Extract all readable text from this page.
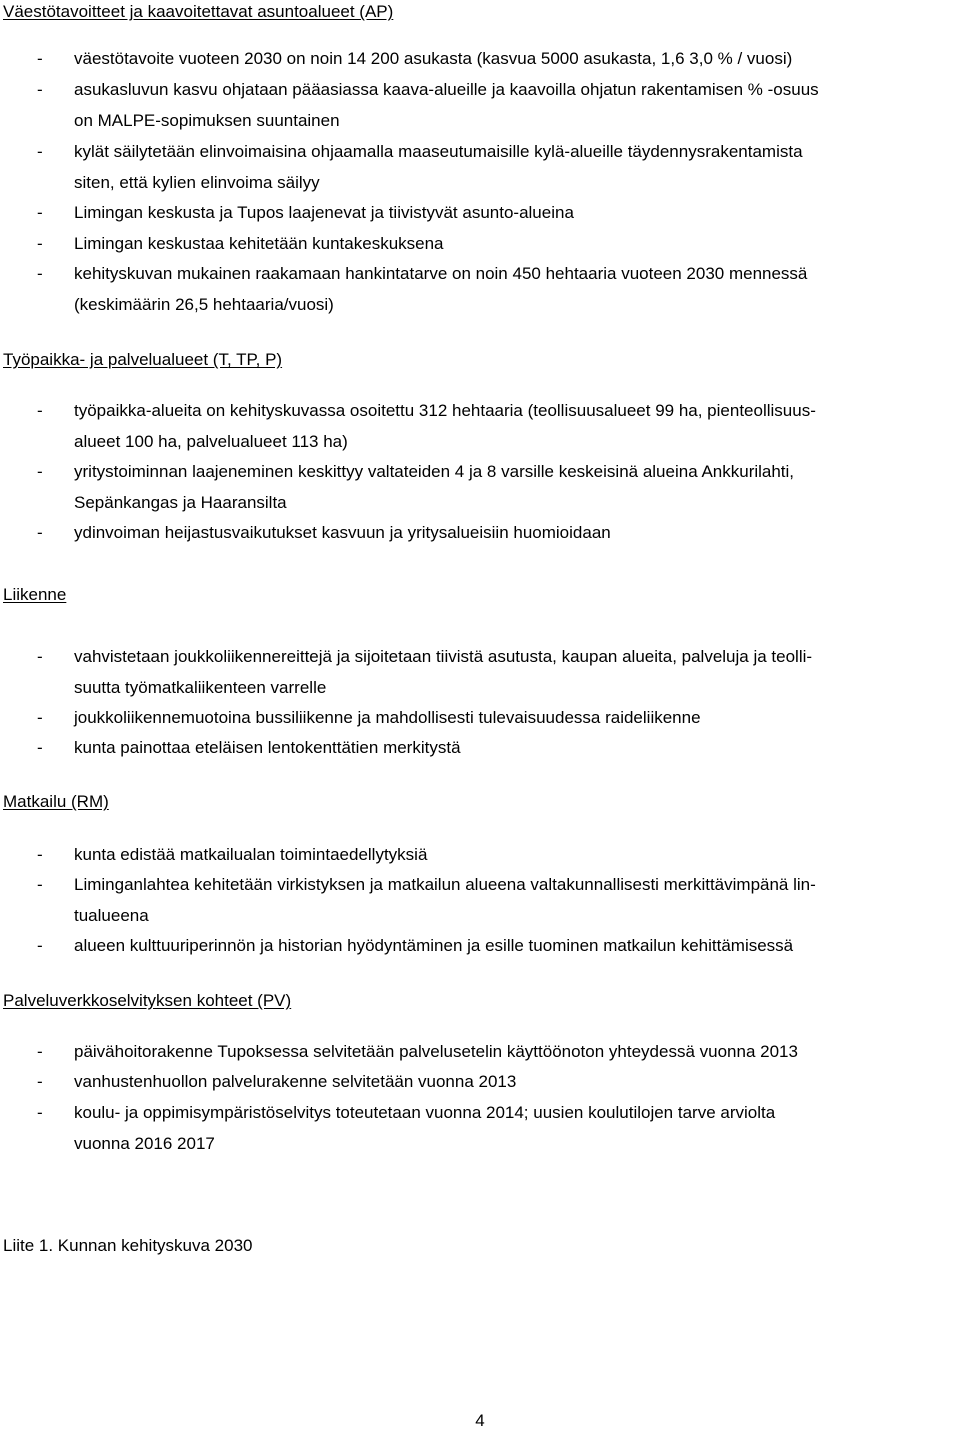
Väestötavoitteet ja kaavoitettavat asuntoalueet (AP)
- väestötavoite vuoteen 2030 on noin 14 200 asukasta (kasvua 5000 asukasta, 1,6 3,0 % / vuosi)
- asukasluvun kasvu ohjataan pääasiassa kaava-alueille ja kaavoilla ohjatun rakentamisen % -osuus
on MALPE-sopimuksen suuntainen
- kylät säilytetään elinvoimaisina ohjaamalla maaseutumaisille kylä-alueille täydennysrakentamista
siten, että kylien elinvoima säilyy
- Limingan keskusta ja Tupos laajenevat ja tiivistyvät asunto-alueina
- Limingan keskustaa kehitetään kuntakeskuksena
- kehityskuvan mukainen raakamaan hankintatarve on noin 450 hehtaaria vuoteen 2030 mennessä
(keskimäärin 26,5 hehtaaria/vuosi)
Työpaikka- ja palvelualueet (T, TP, P)
- työpaikka-alueita on kehityskuvassa osoitettu 312 hehtaaria (teollisuusalueet 99 ha, pienteollisuus-
alueet 100 ha, palvelualueet 113 ha)
- yritystoiminnan laajeneminen keskittyy valtateiden 4 ja 8 varsille keskeisinä alueina Ankkurilahti,
Sepänkangas ja Haaransilta
- ydinvoiman heijastusvaikutukset kasvuun ja yritysalueisiin huomioidaan
Liikenne
- vahvistetaan joukkoliikennereittejä ja sijoitetaan tiivistä asutusta, kaupan alueita, palveluja ja teolli-
suutta työmatkaliikenteen varrelle
- joukkoliikennemuotoina bussiliikenne ja mahdollisesti tulevaisuudessa raideliikenne
- kunta painottaa eteläisen lentokenttätien merkitystä
Matkailu (RM)
- kunta edistää matkailualan toimintaedellytyksiä
- Liminganlahtea kehitetään virkistyksen ja matkailun alueena valtakunnallisesti merkittävimpänä lin-
tualueena
- alueen kulttuuriperinnön ja historian hyödyntäminen ja esille tuominen matkailun kehittämisessä
Palveluverkkoselvityksen kohteet (PV)
- päivähoitorakenne Tupoksessa selvitetään palvelusetelin käyttöönoton yhteydessä vuonna 2013
- vanhustenhuollon palvelurakenne selvitetään vuonna 2013
- koulu- ja oppimisympäristöselvitys toteutetaan vuonna 2014; uusien koulutilojen tarve arviolta
vuonna 2016 2017
Liite 1. Kunnan kehityskuva 2030
4
